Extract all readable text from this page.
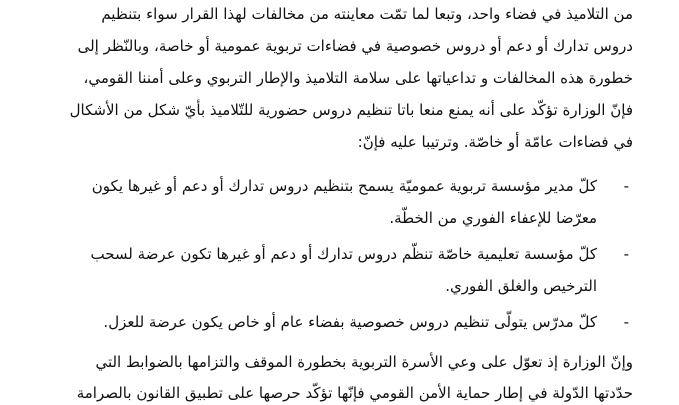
من التلاميذ في فضاء واحد، وتبعا لما تمّت معاينته من مخالفات لهذا القرار سواء بتنظيم

دروس تدارك أو دعم أو دروس خصوصية في فضاءات تربوية عمومية أو خاصة، وبالنّظر إلى

خطورة هذه المخالفات و تداعياتها على سلامة التلاميذ والإطار التربوي وعلى أمننا القومي،

فإنّ الوزارة تؤكّد على أنه يمنع منعا باتا تنظيم دروس حضورية للتّلاميذ بأيّ شكل من الأشكال

في فضاءات عامّة أو خاصّة. وترتيبا عليه فإنّ:

-

كلّ مدير مؤسسة تربوية عموميّة يسمح بتنظيم دروس تدارك أو دعم أو غيرها يكون

معرّضا للإعفاء الفوري من الخطّة.

-

كلّ مؤسسة تعليمية خاصّة تنظّم دروس تدارك أو دعم أو غيرها تكون عرضة لسحب

الترخيص والغلق الفوري.

-

كلّ مدرّس يتولّى تنظيم دروس خصوصية بفضاء عام أو خاص يكون عرضة للعزل.

وإنّ الوزارة إذ تعوّل على وعي الأسرة التربوية بخطورة الموقف والتزامها بالضوابط التي

حدّدتها الدّولة في إطار حماية الأمن القومي فإنّها تؤكّد حرصها على تطبيق القانون بالصرامة
